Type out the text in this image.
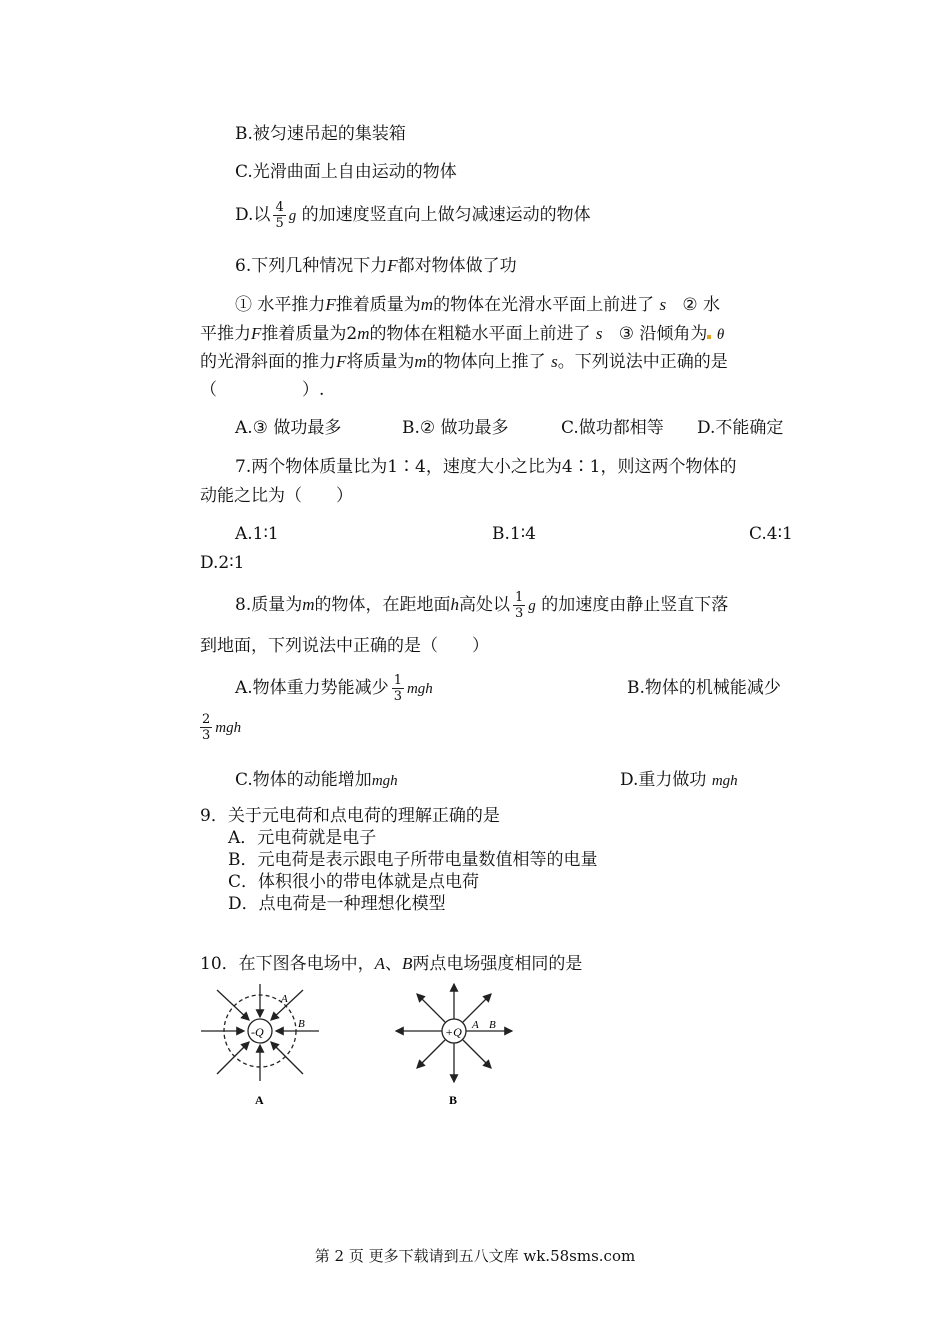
B.被匀速吊起的集装箱
C.光滑曲面上自由运动的物体
D.以 $\frac{4}{5}$ g 的加速度竖直向上做匀减速运动的物体
6.下列几种情况下力F都对物体做了功
① 水平推力F推着质量为m的物体在光滑水平面上前进了 s ② 水
平推力F推着质量为2m的物体在粗糙水平面上前进了 s ③ 沿倾角为 θ
的光滑斜面的推力F将质量为m的物体向上推了 s。下列说法中正确的是
（　　　　　）.
A.③ 做功最多	B.② 做功最多	C.做功都相等 D.不能确定
7.两个物体质量比为1∶4，速度大小之比为4∶1，则这两个物体的
动能之比为（　　）
A.1∶1	B.1∶4	C.4∶1
D.2∶1
8.质量为m的物体，在距地面h高处以 $\frac{1}{3}$ g 的加速度由静止竖直下落
到地面，下列说法中正确的是（　　）
A.物体重力势能减少 $\frac{1}{3}$ mgh	B.物体的机械能减少
$\frac{2}{3}$ mgh
C.物体的动能增加mgh	D.重力做功 mgh
9．关于元电荷和点电荷的理解正确的是
A．元电荷就是电子
B．元电荷是表示跟电子所带电量数值相等的电量
C．体积很小的带电体就是点电荷
D．点电荷是一种理想化模型
10．在下图各电场中，A、B两点电场强度相同的是
-Q
A
B
A
+Q A B
B
第 2 页 更多下载请到五八文库 wk.58sms.com
